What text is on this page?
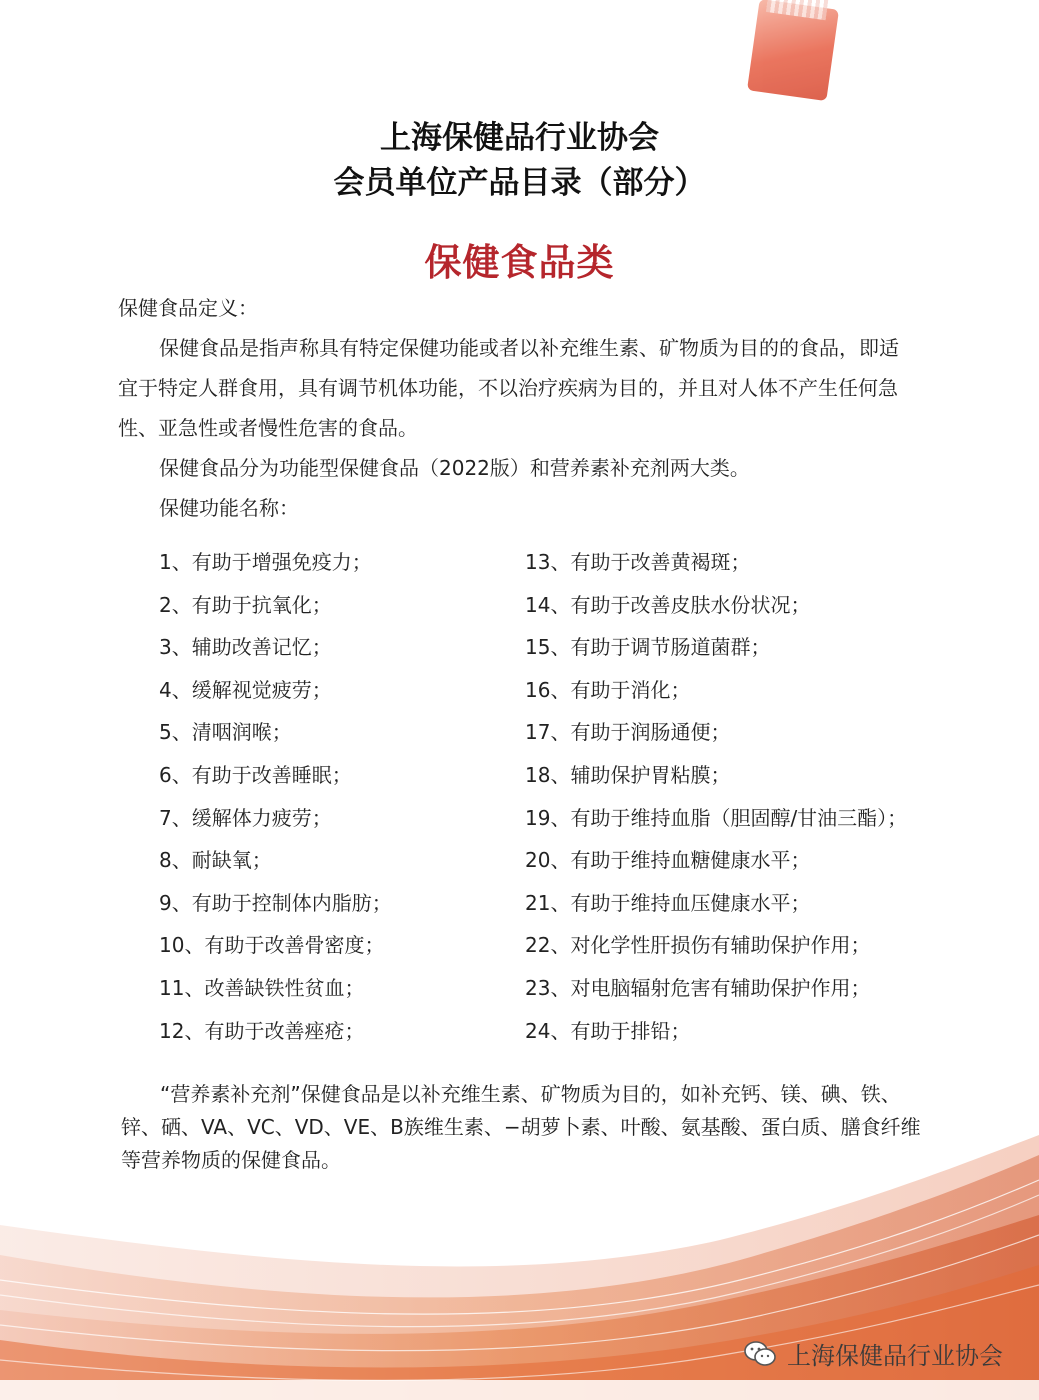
上海保健品行业协会
会员单位产品目录（部分）
保健食品类
保健食品定义：
保健食品是指声称具有特定保健功能或者以补充维生素、矿物质为目的的食品，即适宜于特定人群食用，具有调节机体功能，不以治疗疾病为目的，并且对人体不产生任何急性、亚急性或者慢性危害的食品。
保健食品分为功能型保健食品（2022版）和营养素补充剂两大类。
保健功能名称：
1、有助于增强免疫力；
2、有助于抗氧化；
3、辅助改善记忆；
4、缓解视觉疲劳；
5、清咽润喉；
6、有助于改善睡眠；
7、缓解体力疲劳；
8、耐缺氧；
9、有助于控制体内脂肪；
10、有助于改善骨密度；
11、改善缺铁性贫血；
12、有助于改善痤疮；
13、有助于改善黄褐斑；
14、有助于改善皮肤水份状况；
15、有助于调节肠道菌群；
16、有助于消化；
17、有助于润肠通便；
18、辅助保护胃粘膜；
19、有助于维持血脂（胆固醇/甘油三酯）；
20、有助于维持血糖健康水平；
21、有助于维持血压健康水平；
22、对化学性肝损伤有辅助保护作用；
23、对电脑辐射危害有辅助保护作用；
24、有助于排铅；
“营养素补充剂”保健食品是以补充维生素、矿物质为目的，如补充钙、镁、碘、铁、锌、硒、VA、VC、VD、VE、B族维生素、−胡萝卜素、叶酸、氨基酸、蛋白质、膳食纤维等营养物质的保健食品。
上海保健品行业协会
